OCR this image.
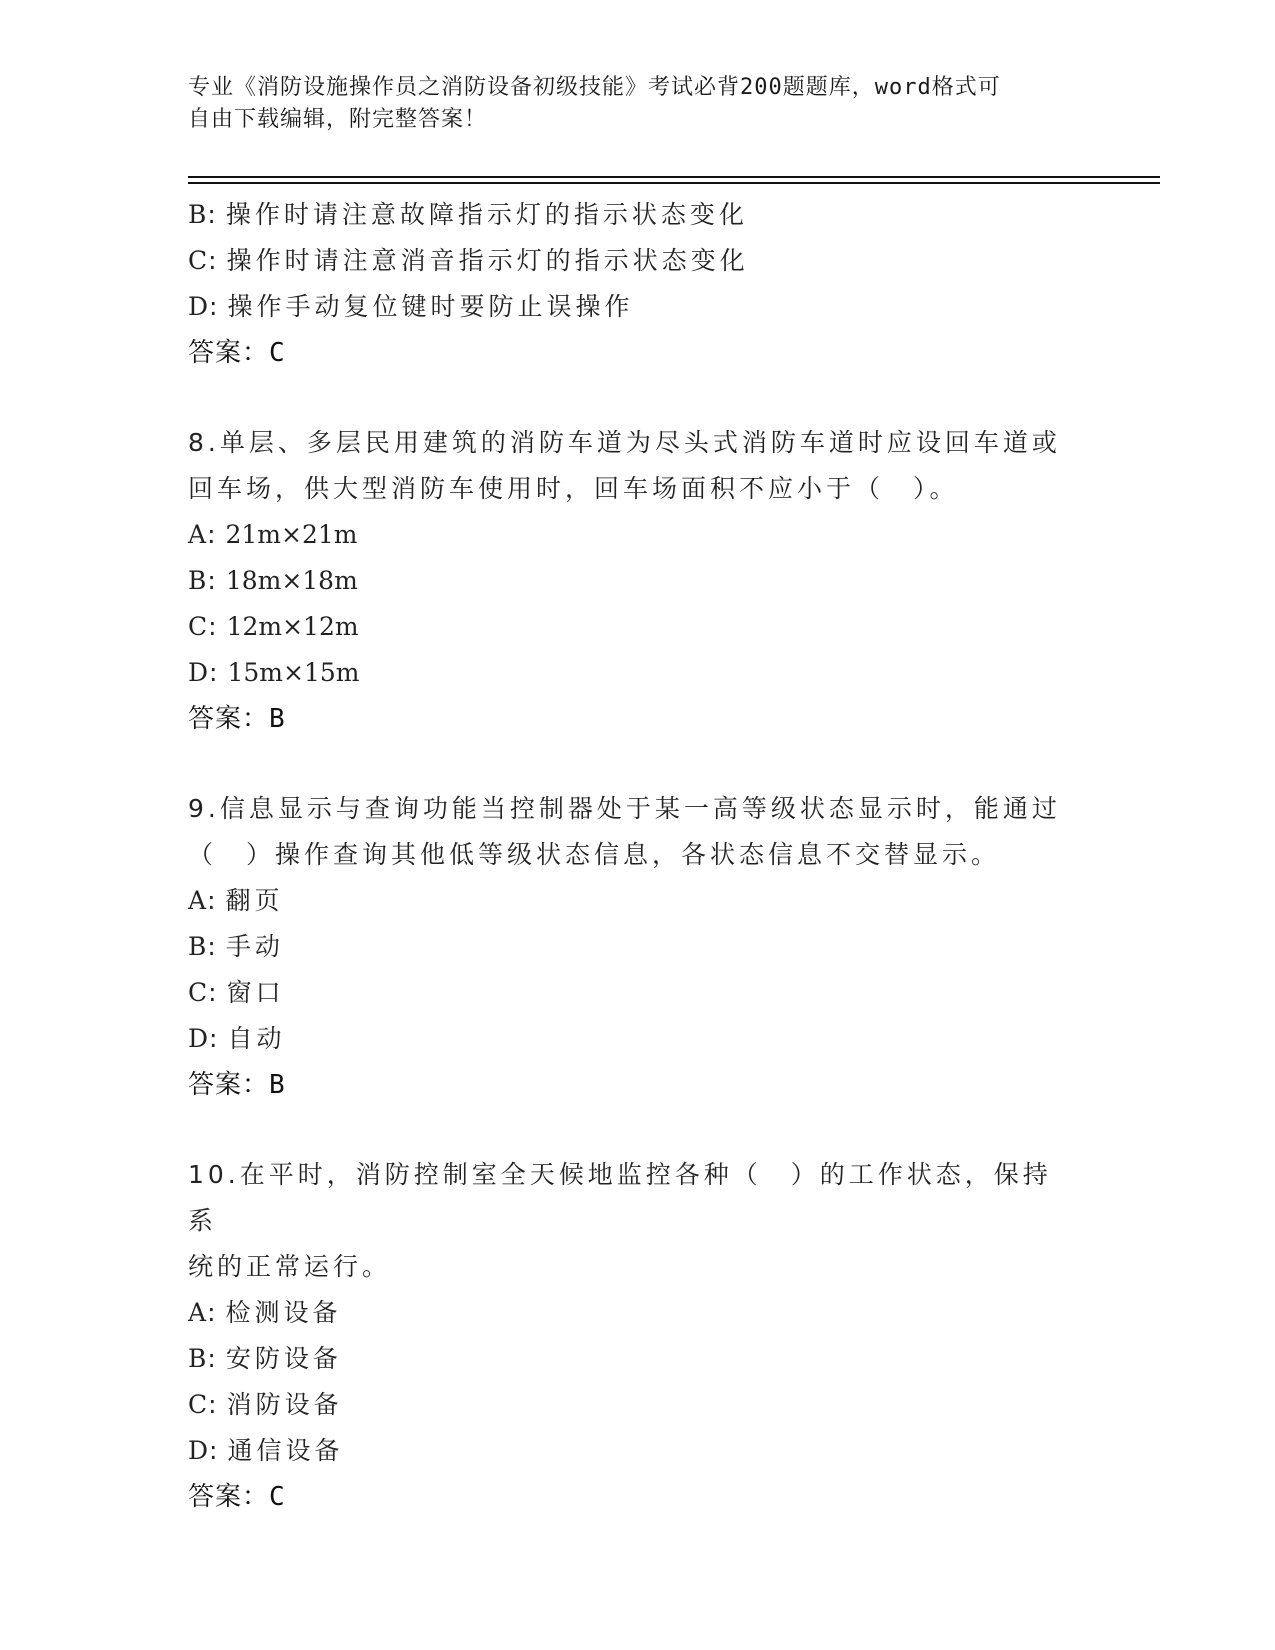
专业《消防设施操作员之消防设备初级技能》考试必背200题题库，word格式可
自由下载编辑，附完整答案！
B: 操作时请注意故障指示灯的指示状态变化
C: 操作时请注意消音指示灯的指示状态变化
D: 操作手动复位键时要防止误操作
答案：C
8.单层、多层民用建筑的消防车道为尽头式消防车道时应设回车道或
回车场，供大型消防车使用时，回车场面积不应小于（　）。
A: 21m×21m
B: 18m×18m
C: 12m×12m
D: 15m×15m
答案：B
9.信息显示与查询功能当控制器处于某一高等级状态显示时，能通过
（　）操作查询其他低等级状态信息，各状态信息不交替显示。
A: 翻页
B: 手动
C: 窗口
D: 自动
答案：B
10.在平时，消防控制室全天候地监控各种（　）的工作状态，保持系
统的正常运行。
A: 检测设备
B: 安防设备
C: 消防设备
D: 通信设备
答案：C
